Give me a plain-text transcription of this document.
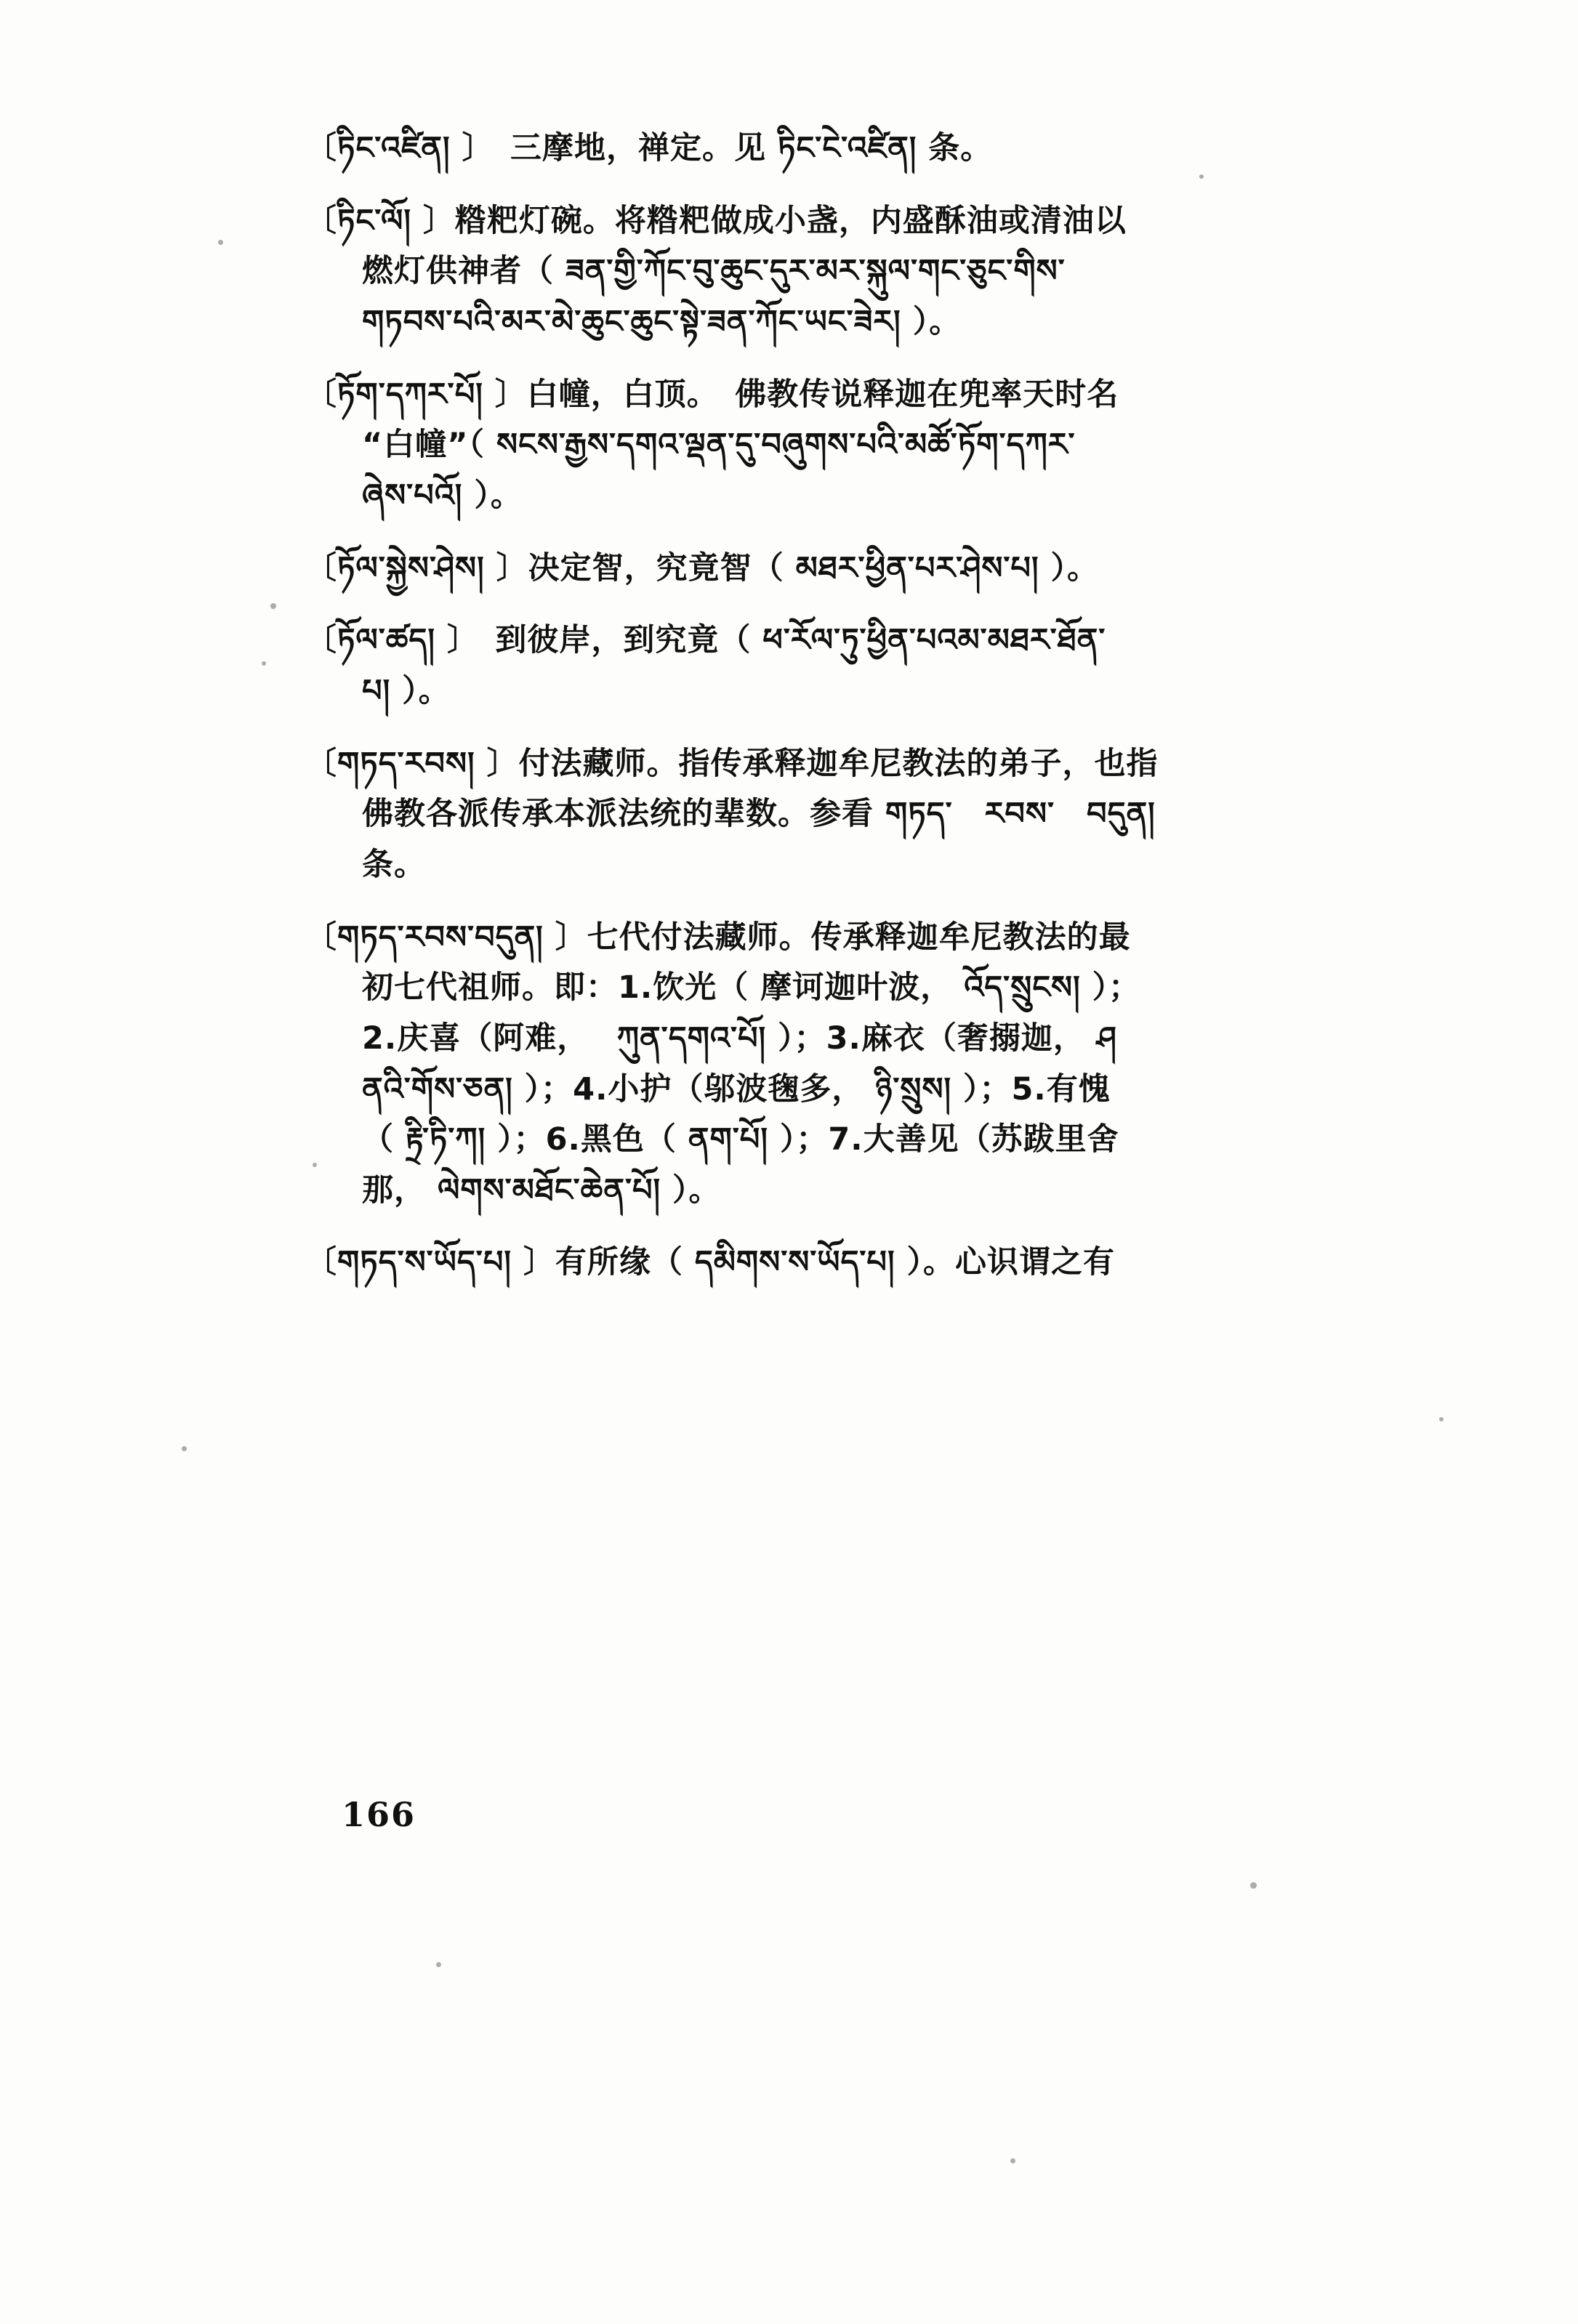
〔ཏིང་འཛིན། 〕　三摩地，禅定。见 ཏིང་ངེ་འཛིན། 条。
〔ཏིང་ལོ། 〕糌粑灯碗。将糌粑做成小盏，内盛酥油或清油以
燃灯供神者（ ཟན་གྱི་ཀོང་བུ་ཆུང་དུར་མར་སྐུལ་གང་ཅུང་གིས་
གཏབས་པའི་མར་མེ་ཆུང་ཆུང་སྟེ་ཟན་ཀོང་ཡང་ཟེར། ）。
〔ཏོག་དཀར་པོ། 〕白幢，白顶。　佛教传说释迦在兜率天时名
“白幢”（ སངས་རྒྱས་དགའ་ལྡན་དུ་བཞུགས་པའི་མཚོ་ཏོག་དཀར་
ཞེས་པའོ། ）。
〔ཏོལ་སྐྱེས་ཤེས། 〕决定智，究竟智（ མཐར་ཕྱིན་པར་ཤེས་པ། ）。
〔ཏོལ་ཚད། 〕　到彼岸，到究竟（ ཕ་རོལ་ཏུ་ཕྱིན་པའམ་མཐར་ཐོན་
པ། ）。
〔གཏད་རབས། 〕付法藏师。指传承释迦牟尼教法的弟子，也指
佛教各派传承本派法统的辈数。参看 གཏད་　རབས་　བདུན།
条。
〔གཏད་རབས་བདུན། 〕七代付法藏师。传承释迦牟尼教法的最
初七代祖师。即：1.饮光（ 摩诃迦叶波， འོད་སྲུངས། ）；
2.庆喜（阿难，　 ཀུན་དགའ་པོ། ）；3.麻衣（奢搦迦， ཤ
ནའི་གོས་ཅན། ）；4.小护（邬波毱多， ཉི་སྲུས། ）；5.有愧
（ རྟྲི་ཏི་ཀ། ）；6.黑色（ ནག་པོ། ）；7.大善见（苏跋里舍
那， ལེགས་མཐོང་ཆེན་པོ། ）。
〔གཏད་ས་ཡོད་པ། 〕有所缘（ དམིགས་ས་ཡོད་པ། ）。心识谓之有
166
